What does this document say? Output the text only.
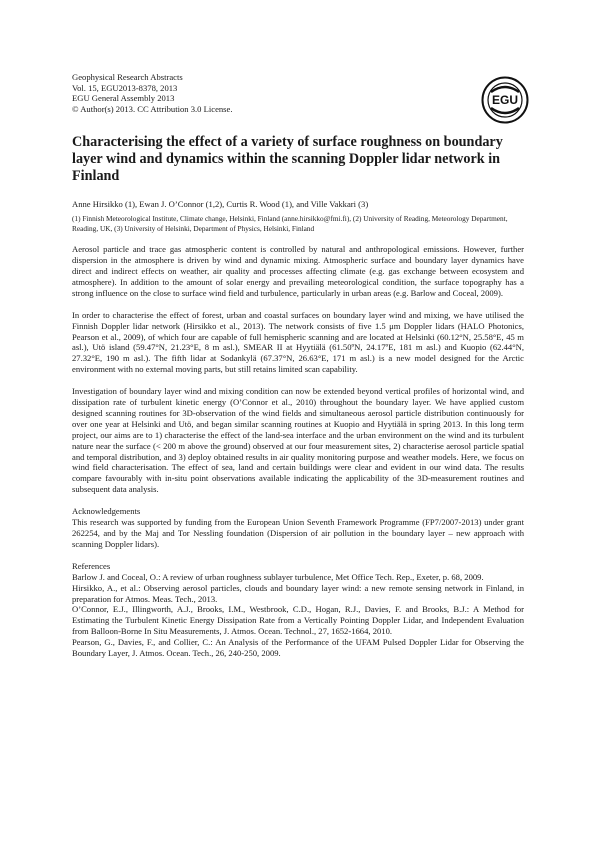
EGU
Geophysical Research Abstracts
Vol. 15, EGU2013-8378, 2013
EGU General Assembly 2013
© Author(s) 2013. CC Attribution 3.0 License.
Characterising the effect of a variety of surface roughness on boundary layer wind and dynamics within the scanning Doppler lidar network in Finland
Anne Hirsikko (1), Ewan J. O’Connor (1,2), Curtis R. Wood (1), and Ville Vakkari (3)
(1) Finnish Meteorological Institute, Climate change, Helsinki, Finland (anne.hirsikko@fmi.fi), (2) University of Reading, Meteorology Department, Reading, UK, (3) University of Helsinki, Department of Physics, Helsinki, Finland

Aerosol particle and trace gas atmospheric content is controlled by natural and anthropological emissions. However, further dispersion in the atmosphere is driven by wind and dynamic mixing. Atmospheric surface and boundary layer dynamics have direct and indirect effects on weather, air quality and processes affecting climate (e.g. gas exchange between ecosystem and atmosphere). In addition to the amount of solar energy and prevailing meteorological condition, the surface topography has a strong influence on the close to surface wind field and turbulence, particularly in urban areas (e.g. Barlow and Coceal, 2009).

In order to characterise the effect of forest, urban and coastal surfaces on boundary layer wind and mixing, we have utilised the Finnish Doppler lidar network (Hirsikko et al., 2013). The network consists of five 1.5 μm Doppler lidars (HALO Photonics, Pearson et al., 2009), of which four are capable of full hemispheric scanning and are located at Helsinki (60.12°N, 25.58°E, 45 m asl.), Utö island (59.47°N, 21.23°E, 8 m asl.), SMEAR II at Hyytiälä (61.50ºN, 24.17ºE, 181 m asl.) and Kuopio (62.44°N, 27.32°E, 190 m asl.). The fifth lidar at Sodankylä (67.37°N, 26.63°E, 171 m asl.) is a new model designed for the Arctic environment with no external moving parts, but still retains limited scan capability.

Investigation of boundary layer wind and mixing condition can now be extended beyond vertical profiles of horizontal wind, and dissipation rate of turbulent kinetic energy (O’Connor et al., 2010) throughout the boundary layer. We have applied custom designed scanning routines for 3D-observation of the wind fields and simultaneous aerosol particle distribution continuously for over one year at Helsinki and Utö, and began similar scanning routines at Kuopio and Hyytiälä in spring 2013. In this long term project, our aims are to 1) characterise the effect of the land-sea interface and the urban environment on the wind and its turbulent nature near the surface (< 200 m above the ground) observed at our four measurement sites, 2) characterise aerosol particle spatial and temporal distribution, and 3) deploy obtained results in air quality monitoring purpose and weather models. Here, we focus on wind field characterisation. The effect of sea, land and certain buildings were clear and evident in our wind data. The results compare favourably with in-situ point observations available indicating the applicability of the 3D-measurement routines and subsequent data analysis.

Acknowledgements

This research was supported by funding from the European Union Seventh Framework Programme (FP7/2007-2013) under grant 262254, and by the Maj and Tor Nessling foundation (Dispersion of air pollution in the boundary layer – new approach with scanning Doppler lidars).

References

Barlow J. and Coceal, O.: A review of urban roughness sublayer turbulence, Met Office Tech. Rep., Exeter, p. 68, 2009.

Hirsikko, A., et al.: Observing aerosol particles, clouds and boundary layer wind: a new remote sensing network in Finland, in preparation for Atmos. Meas. Tech., 2013.

O’Connor, E.J., Illingworth, A.J., Brooks, I.M., Westbrook, C.D., Hogan, R.J., Davies, F. and Brooks, B.J.: A Method for Estimating the Turbulent Kinetic Energy Dissipation Rate from a Vertically Pointing Doppler Lidar, and Independent Evaluation from Balloon-Borne In Situ Measurements, J. Atmos. Ocean. Technol., 27, 1652-1664, 2010.

Pearson, G., Davies, F., and Collier, C.: An Analysis of the Performance of the UFAM Pulsed Doppler Lidar for Observing the Boundary Layer, J. Atmos. Ocean. Tech., 26, 240-250, 2009.
